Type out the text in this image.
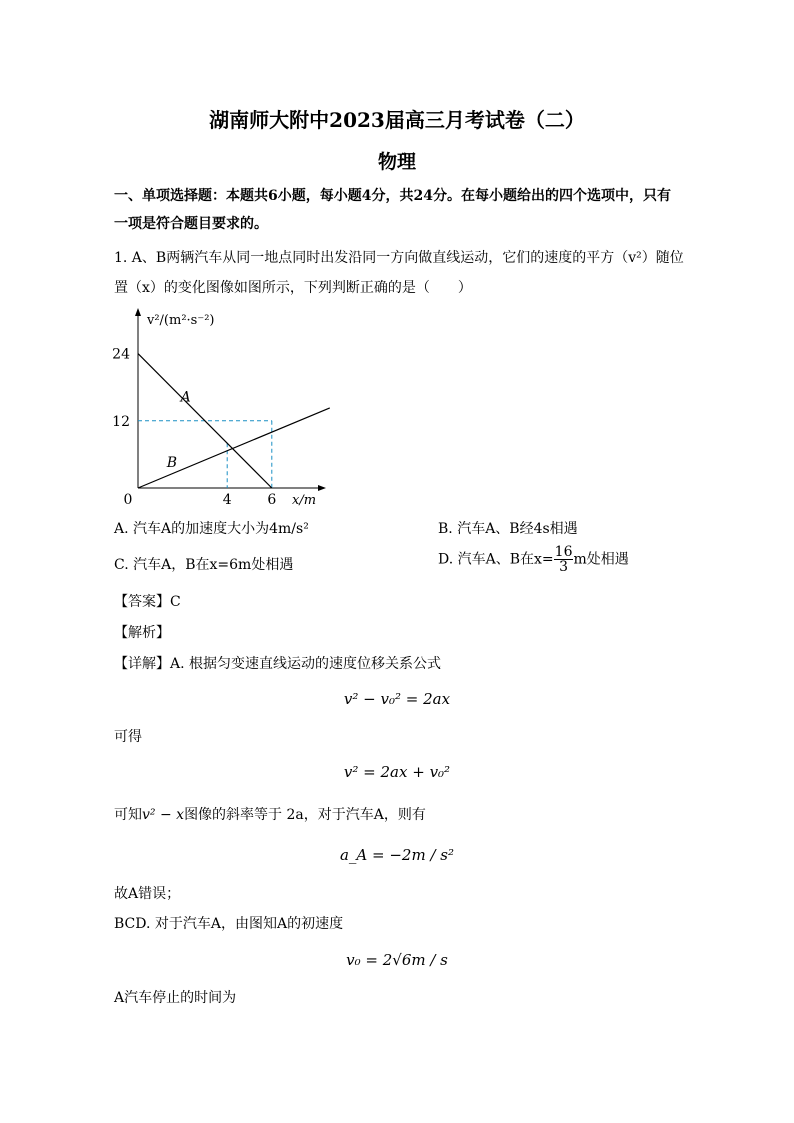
湖南师大附中2023届高三月考试卷（二）
物理
一、单项选择题：本题共6小题，每小题4分，共24分。在每小题给出的四个选项中，只有
一项是符合题目要求的。
1. A、B两辆汽车从同一地点同时出发沿同一方向做直线运动，它们的速度的平方（v²）随位
置（x）的变化图像如图所示，下列判断正确的是（　　）
A
B
0	4	6
12
24
v²/(m²·s⁻²)
x/m
A. 汽车A的加速度大小为4m/s²	B. 汽车A、B经4s相遇
C. 汽车A，B在x=6m处相遇	D. 汽车A、B在$x= \frac{16}{3}$ m处相遇
【答案】C
【解析】
【详解】A. 根据匀变速直线运动的速度位移关系公式
v² − v₀² = 2ax
可得
v² = 2ax + v₀²
可知v² − x图像的斜率等于 2a，对于汽车A，则有
a_A = −2m / s²
故A错误；
BCD. 对于汽车A，由图知A的初速度
v₀ = 2√6m / s
A汽车停止的时间为
